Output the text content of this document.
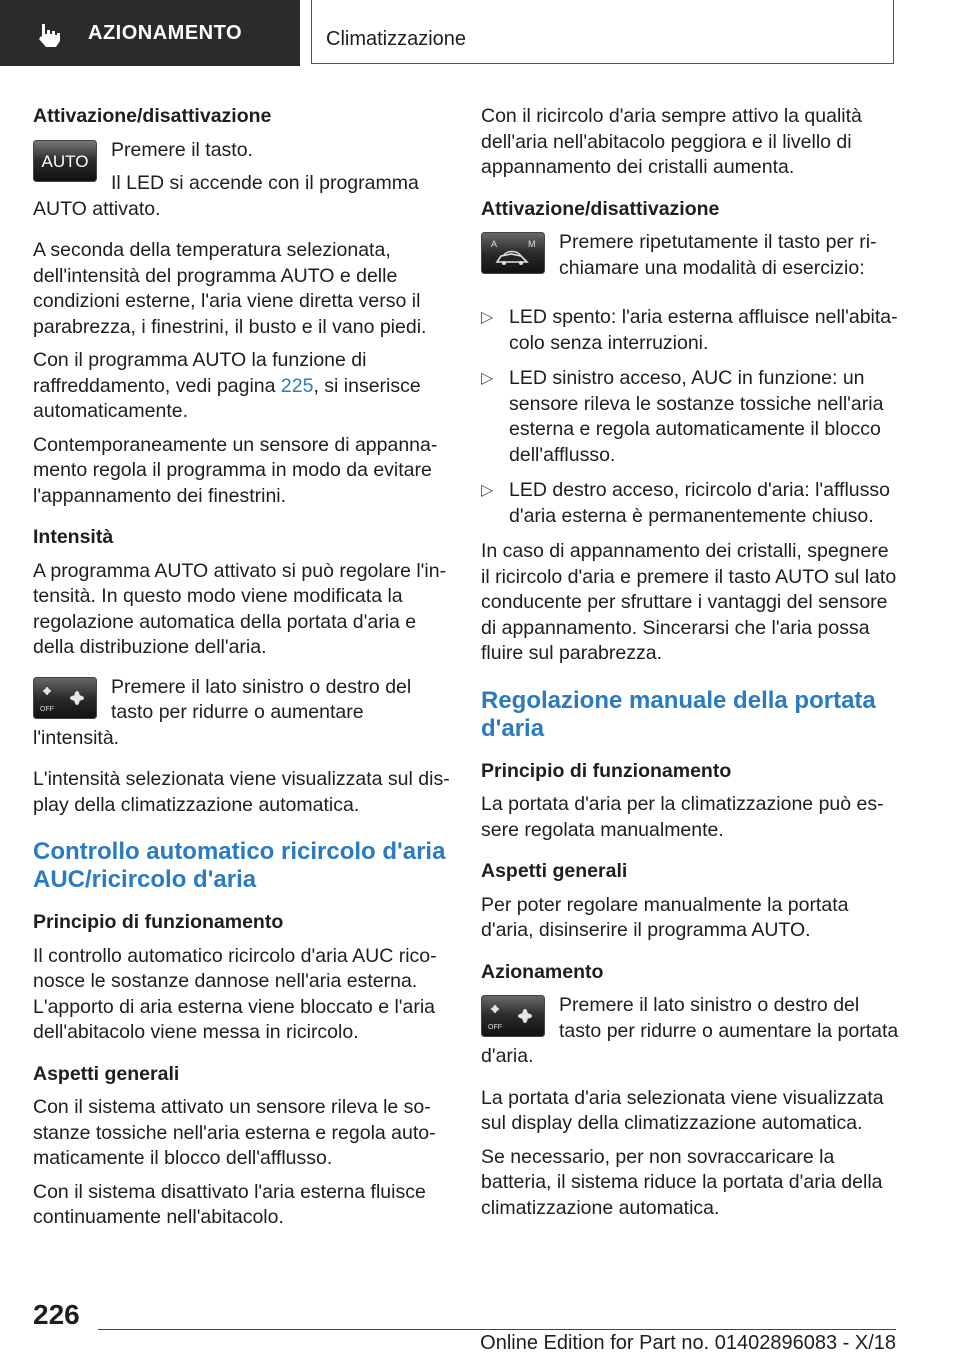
AZIONAMENTO	Climatizzazione
Attivazione/disattivazione
AUTO

Premere il tasto.

Il LED si accende con il programma AUTO attivato.

A seconda della temperatura selezionata, dell'intensità del programma AUTO e delle condizioni esterne, l'aria viene diretta verso il parabrezza, i finestrini, il busto e il vano piedi.

Con il programma AUTO la funzione di raffreddamento, vedi pagina 225, si inserisce automaticamente.

Contemporaneamente un sensore di appannamento regola il programma in modo da evitare l'appannamento dei finestrini.

Intensità

A programma AUTO attivato si può regolare l'intensità. In questo modo viene modificata la regolazione automatica della portata d'aria e della distribuzione dell'aria.

OFF

Premere il lato sinistro o destro del tasto per ridurre o aumentare l'intensità.

L'intensità selezionata viene visualizzata sul display della climatizzazione automatica.

Controllo automatico ricircolo d'aria AUC/ricircolo d'aria
Principio di funzionamento

Il controllo automatico ricircolo d'aria AUC riconosce le sostanze dannose nell'aria esterna. L'apporto di aria esterna viene bloccato e l'aria dell'abitacolo viene messa in ricircolo.

Aspetti generali

Con il sistema attivato un sensore rileva le sostanze tossiche nell'aria esterna e regola automaticamente il blocco dell'afflusso.

Con il sistema disattivato l'aria esterna fluisce continuamente nell'abitacolo.

Con il ricircolo d'aria sempre attivo la qualità dell'aria nell'abitacolo peggiora e il livello di appannamento dei cristalli aumenta.

Attivazione/disattivazione
A	M	Premere ripetutamente il tasto per richiamare una modalità di esercizio:

▷ LED spento: l'aria esterna affluisce nell'abitacolo senza interruzioni.
▷ LED sinistro acceso, AUC in funzione: un sensore rileva le sostanze tossiche nell'aria esterna e regola automaticamente il blocco dell'afflusso.
▷ LED destro acceso, ricircolo d'aria: l'afflusso d'aria esterna è permanentemente chiuso.

In caso di appannamento dei cristalli, spegnere il ricircolo d'aria e premere il tasto AUTO sul lato conducente per sfruttare i vantaggi del sensore di appannamento. Sincerarsi che l'aria possa fluire sul parabrezza.

Regolazione manuale della portata d'aria
Principio di funzionamento

La portata d'aria per la climatizzazione può essere regolata manualmente.

Aspetti generali

Per poter regolare manualmente la portata d'aria, disinserire il programma AUTO.

Azionamento
OFF

Premere il lato sinistro o destro del tasto per ridurre o aumentare la portata d'aria.

La portata d'aria selezionata viene visualizzata sul display della climatizzazione automatica.

Se necessario, per non sovraccaricare la batteria, il sistema riduce la portata d'aria della climatizzazione automatica.

226
Online Edition for Part no. 01402896083 - X/18
